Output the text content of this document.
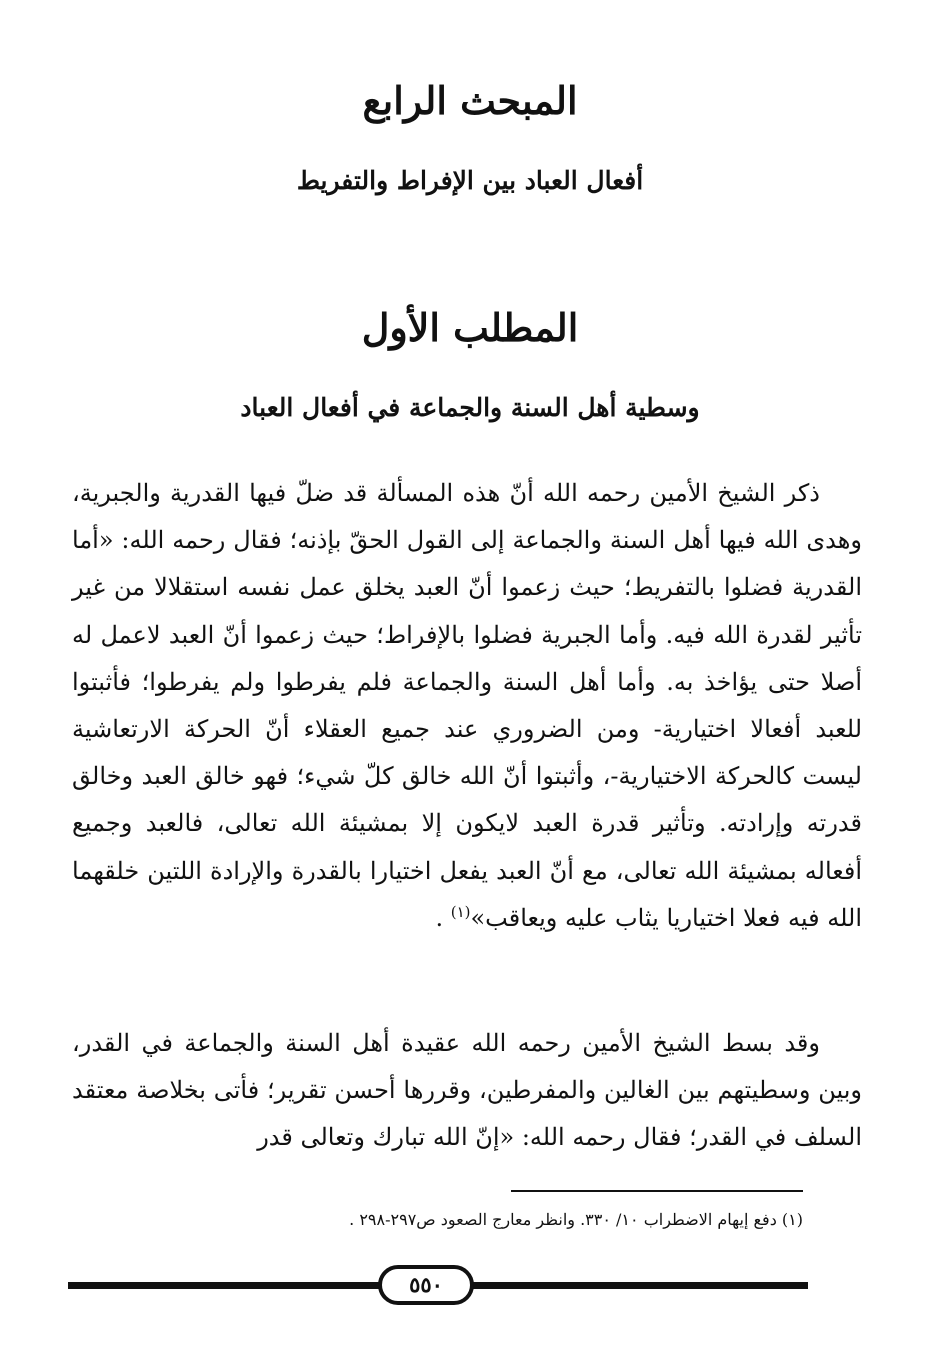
المبحث الرابع
أفعال العباد بين الإفراط والتفريط
المطلب الأول
وسطية أهل السنة والجماعة في أفعال العباد

ذكر الشيخ الأمين رحمه الله أنّ هذه المسألة قد ضلّ فيها القدرية والجبرية، وهدى الله فيها أهل السنة والجماعة إلى القول الحقّ بإذنه؛ فقال رحمه الله: «أما القدرية فضلوا بالتفريط؛ حيث زعموا أنّ العبد يخلق عمل نفسه استقلالا من غير تأثير لقدرة الله فيه. وأما الجبرية فضلوا بالإفراط؛ حيث زعموا أنّ العبد لاعمل له أصلا حتى يؤاخذ به. وأما أهل السنة والجماعة فلم يفرطوا ولم يفرطوا؛ فأثبتوا للعبد أفعالا اختيارية- ومن الضروري عند جميع العقلاء أنّ الحركة الارتعاشية ليست كالحركة الاختيارية-، وأثبتوا أنّ الله خالق كلّ شيء؛ فهو خالق العبد وخالق قدرته وإرادته. وتأثير قدرة العبد لايكون إلا بمشيئة الله تعالى، فالعبد وجميع أفعاله بمشيئة الله تعالى، مع أنّ العبد يفعل اختيارا بالقدرة والإرادة اللتين خلقهما الله فيه فعلا اختياريا يثاب عليه ويعاقب»$^{(١)}$ .

وقد بسط الشيخ الأمين رحمه الله عقيدة أهل السنة والجماعة في القدر، وبين وسطيتهم بين الغالين والمفرطين، وقررها أحسن تقرير؛ فأتى بخلاصة معتقد السلف في القدر؛ فقال رحمه الله: «إنّ الله تبارك وتعالى قدر

(١) دفع إيهام الاضطراب ١٠/ ٣٣٠. وانظر معارج الصعود ص٢٩٧-٢٩٨ .

٥٥٠
